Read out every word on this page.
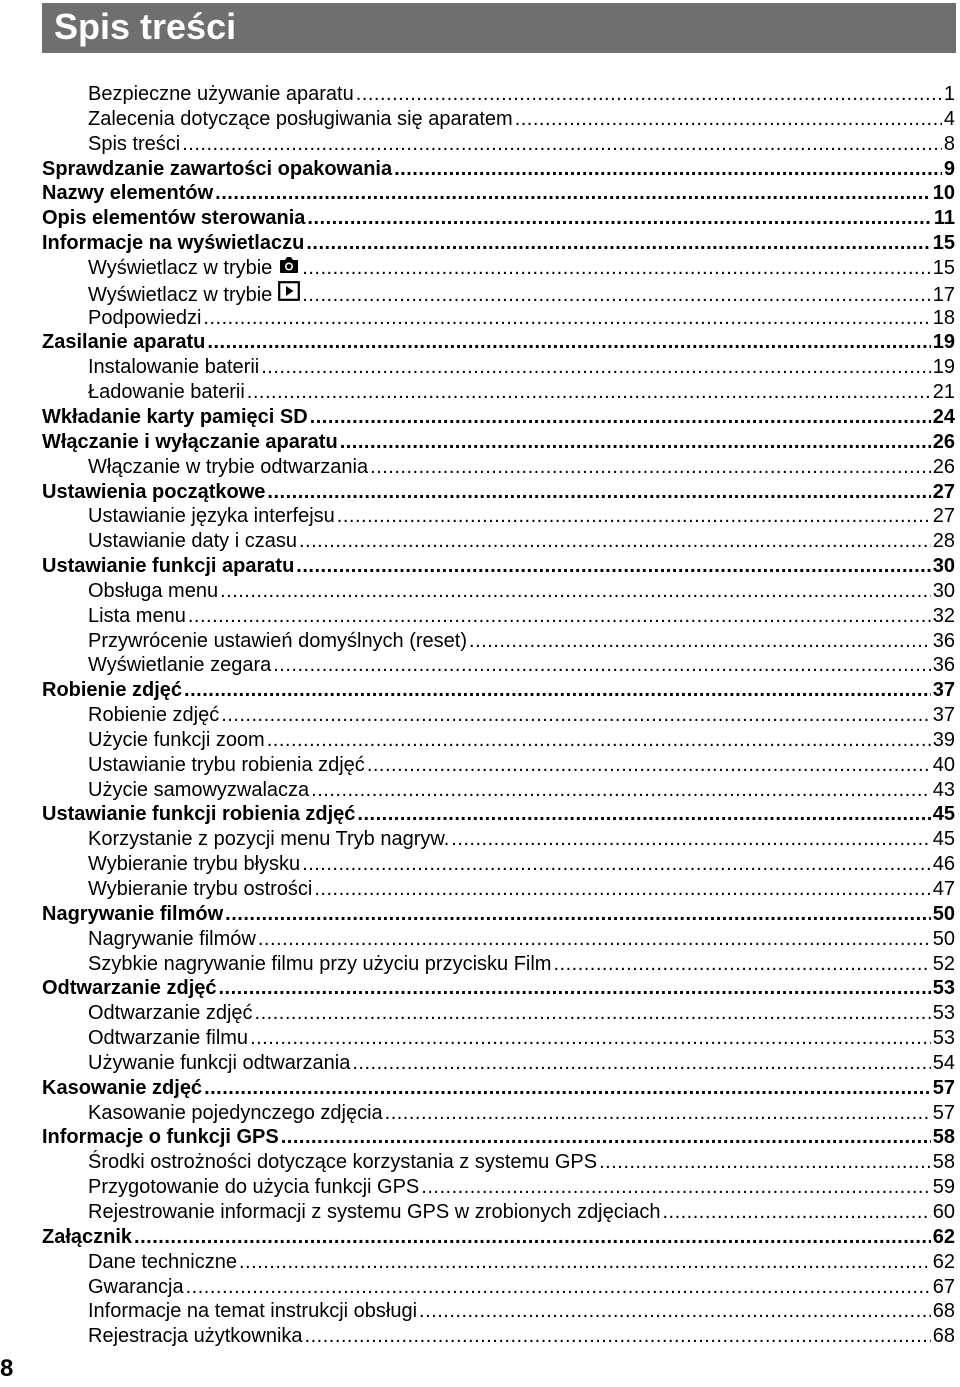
Spis treści
Bezpieczne używanie aparatu .....	1
Zalecenia dotyczące posługiwania się aparatem .....	4
Spis treści .....	8
Sprawdzanie zawartości opakowania .....	9
Nazwy elementów .....	10
Opis elementów sterowania .....	11
Informacje na wyświetlaczu .....	15
Wyświetlacz w trybie .....	15
Wyświetlacz w trybie .....	17
Podpowiedzi .....	18
Zasilanie aparatu .....	19
Instalowanie baterii .....	19
Ładowanie baterii .....	21
Wkładanie karty pamięci SD .....	24
Włączanie i wyłączanie aparatu .....	26
Włączanie w trybie odtwarzania .....	26
Ustawienia początkowe .....	27
Ustawianie języka interfejsu .....	27
Ustawianie daty i czasu .....	28
Ustawianie funkcji aparatu .....	30
Obsługa menu .....	30
Lista menu .....	32
Przywrócenie ustawień domyślnych (reset) .....	36
Wyświetlanie zegara .....	36
Robienie zdjęć .....	37
Robienie zdjęć .....	37
Użycie funkcji zoom .....	39
Ustawianie trybu robienia zdjęć .....	40
Użycie samowyzwalacza .....	43
Ustawianie funkcji robienia zdjęć .....	45
Korzystanie z pozycji menu Tryb nagryw. .....	45
Wybieranie trybu błysku .....	46
Wybieranie trybu ostrości .....	47
Nagrywanie filmów .....	50
Nagrywanie filmów .....	50
Szybkie nagrywanie filmu przy użyciu przycisku Film .....	52
Odtwarzanie zdjęć .....	53
Odtwarzanie zdjęć .....	53
Odtwarzanie filmu .....	53
Używanie funkcji odtwarzania .....	54
Kasowanie zdjęć .....	57
Kasowanie pojedynczego zdjęcia .....	57
Informacje o funkcji GPS .....	58
Środki ostrożności dotyczące korzystania z systemu GPS .....	58
Przygotowanie do użycia funkcji GPS .....	59
Rejestrowanie informacji z systemu GPS w zrobionych zdjęciach .....	60
Załącznik .....	62
Dane techniczne .....	62
Gwarancja .....	67
Informacje na temat instrukcji obsługi .....	68
Rejestracja użytkownika .....	68
8
